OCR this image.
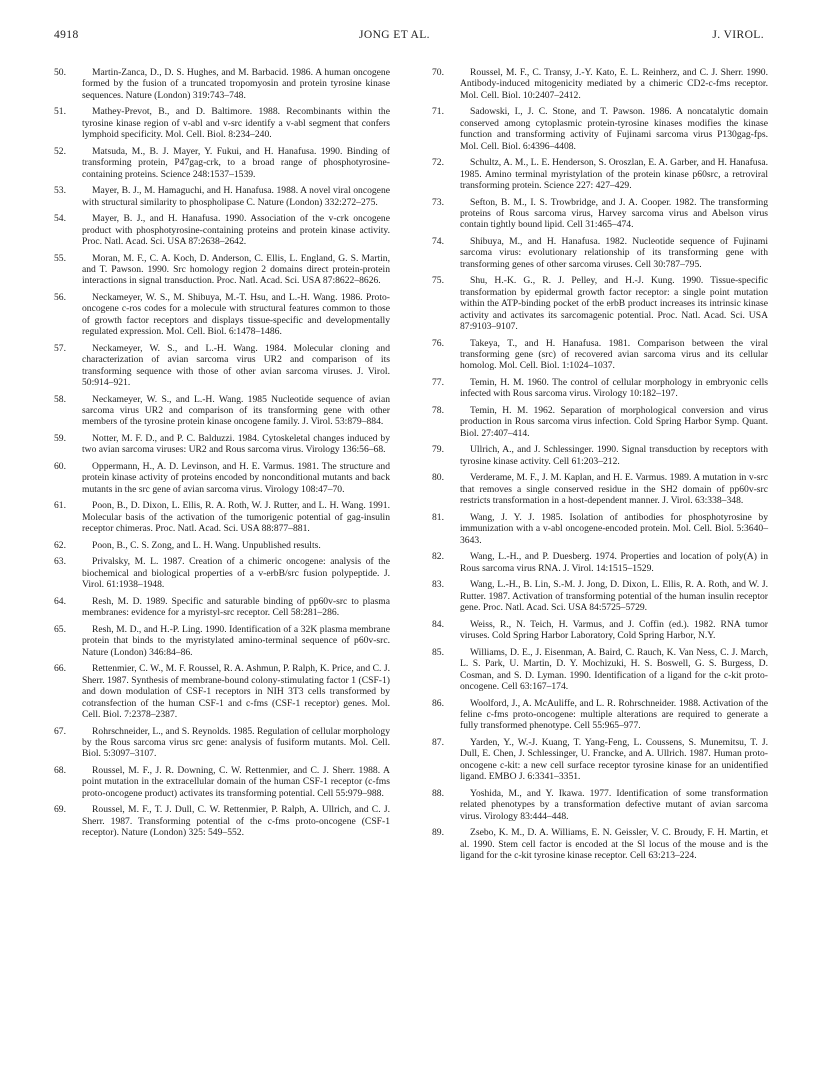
4918	JONG ET AL.	J. VIROL.
50.	Martin-Zanca, D., D. S. Hughes, and M. Barbacid. 1986. A human oncogene formed by the fusion of a truncated tropomyosin and protein tyrosine kinase sequences. Nature (London) 319:743–748.
51.	Mathey-Prevot, B., and D. Baltimore. 1988. Recombinants within the tyrosine kinase region of v-abl and v-src identify a v-abl segment that confers lymphoid specificity. Mol. Cell. Biol. 8:234–240.
52.	Matsuda, M., B. J. Mayer, Y. Fukui, and H. Hanafusa. 1990. Binding of transforming protein, P47gag-crk, to a broad range of phosphotyrosine-containing proteins. Science 248:1537–1539.
53.	Mayer, B. J., M. Hamaguchi, and H. Hanafusa. 1988. A novel viral oncogene with structural similarity to phospholipase C. Nature (London) 332:272–275.
54.	Mayer, B. J., and H. Hanafusa. 1990. Association of the v-crk oncogene product with phosphotyrosine-containing proteins and protein kinase activity. Proc. Natl. Acad. Sci. USA 87:2638–2642.
55.	Moran, M. F., C. A. Koch, D. Anderson, C. Ellis, L. England, G. S. Martin, and T. Pawson. 1990. Src homology region 2 domains direct protein-protein interactions in signal transduction. Proc. Natl. Acad. Sci. USA 87:8622–8626.
56.	Neckameyer, W. S., M. Shibuya, M.-T. Hsu, and L.-H. Wang. 1986. Proto-oncogene c-ros codes for a molecule with structural features common to those of growth factor receptors and displays tissue-specific and developmentally regulated expression. Mol. Cell. Biol. 6:1478–1486.
57.	Neckameyer, W. S., and L.-H. Wang. 1984. Molecular cloning and characterization of avian sarcoma virus UR2 and comparison of its transforming sequence with those of other avian sarcoma viruses. J. Virol. 50:914–921.
58.	Neckameyer, W. S., and L.-H. Wang. 1985 Nucleotide sequence of avian sarcoma virus UR2 and comparison of its transforming gene with other members of the tyrosine protein kinase oncogene family. J. Virol. 53:879–884.
59.	Notter, M. F. D., and P. C. Balduzzi. 1984. Cytoskeletal changes induced by two avian sarcoma viruses: UR2 and Rous sarcoma virus. Virology 136:56–68.
60.	Oppermann, H., A. D. Levinson, and H. E. Varmus. 1981. The structure and protein kinase activity of proteins encoded by nonconditional mutants and back mutants in the src gene of avian sarcoma virus. Virology 108:47–70.
61.	Poon, B., D. Dixon, L. Ellis, R. A. Roth, W. J. Rutter, and L. H. Wang. 1991. Molecular basis of the activation of the tumorigenic potential of gag-insulin receptor chimeras. Proc. Natl. Acad. Sci. USA 88:877–881.
62.	Poon, B., C. S. Zong, and L. H. Wang. Unpublished results.
63.	Privalsky, M. L. 1987. Creation of a chimeric oncogene: analysis of the biochemical and biological properties of a v-erbB/src fusion polypeptide. J. Virol. 61:1938–1948.
64.	Resh, M. D. 1989. Specific and saturable binding of pp60v-src to plasma membranes: evidence for a myristyl-src receptor. Cell 58:281–286.
65.	Resh, M. D., and H.-P. Ling. 1990. Identification of a 32K plasma membrane protein that binds to the myristylated amino-terminal sequence of p60v-src. Nature (London) 346:84–86.
66.	Rettenmier, C. W., M. F. Roussel, R. A. Ashmun, P. Ralph, K. Price, and C. J. Sherr. 1987. Synthesis of membrane-bound colony-stimulating factor 1 (CSF-1) and down modulation of CSF-1 receptors in NIH 3T3 cells transformed by cotransfection of the human CSF-1 and c-fms (CSF-1 receptor) genes. Mol. Cell. Biol. 7:2378–2387.
67.	Rohrschneider, L., and S. Reynolds. 1985. Regulation of cellular morphology by the Rous sarcoma virus src gene: analysis of fusiform mutants. Mol. Cell. Biol. 5:3097–3107.
68.	Roussel, M. F., J. R. Downing, C. W. Rettenmier, and C. J. Sherr. 1988. A point mutation in the extracellular domain of the human CSF-1 receptor (c-fms proto-oncogene product) activates its transforming potential. Cell 55:979–988.
69.	Roussel, M. F., T. J. Dull, C. W. Rettenmier, P. Ralph, A. Ullrich, and C. J. Sherr. 1987. Transforming potential of the c-fms proto-oncogene (CSF-1 receptor). Nature (London) 325: 549–552.
70.	Roussel, M. F., C. Transy, J.-Y. Kato, E. L. Reinherz, and C. J. Sherr. 1990. Antibody-induced mitogenicity mediated by a chimeric CD2-c-fms receptor. Mol. Cell. Biol. 10:2407–2412.
71.	Sadowski, I., J. C. Stone, and T. Pawson. 1986. A noncatalytic domain conserved among cytoplasmic protein-tyrosine kinases modifies the kinase function and transforming activity of Fujinami sarcoma virus P130gag-fps. Mol. Cell. Biol. 6:4396–4408.
72.	Schultz, A. M., L. E. Henderson, S. Oroszlan, E. A. Garber, and H. Hanafusa. 1985. Amino terminal myristylation of the protein kinase p60src, a retroviral transforming protein. Science 227: 427–429.
73.	Sefton, B. M., I. S. Trowbridge, and J. A. Cooper. 1982. The transforming proteins of Rous sarcoma virus, Harvey sarcoma virus and Abelson virus contain tightly bound lipid. Cell 31:465–474.
74.	Shibuya, M., and H. Hanafusa. 1982. Nucleotide sequence of Fujinami sarcoma virus: evolutionary relationship of its transforming gene with transforming genes of other sarcoma viruses. Cell 30:787–795.
75.	Shu, H.-K. G., R. J. Pelley, and H.-J. Kung. 1990. Tissue-specific transformation by epidermal growth factor receptor: a single point mutation within the ATP-binding pocket of the erbB product increases its intrinsic kinase activity and activates its sarcomagenic potential. Proc. Natl. Acad. Sci. USA 87:9103–9107.
76.	Takeya, T., and H. Hanafusa. 1981. Comparison between the viral transforming gene (src) of recovered avian sarcoma virus and its cellular homolog. Mol. Cell. Biol. 1:1024–1037.
77.	Temin, H. M. 1960. The control of cellular morphology in embryonic cells infected with Rous sarcoma virus. Virology 10:182–197.
78.	Temin, H. M. 1962. Separation of morphological conversion and virus production in Rous sarcoma virus infection. Cold Spring Harbor Symp. Quant. Biol. 27:407–414.
79.	Ullrich, A., and J. Schlessinger. 1990. Signal transduction by receptors with tyrosine kinase activity. Cell 61:203–212.
80.	Verderame, M. F., J. M. Kaplan, and H. E. Varmus. 1989. A mutation in v-src that removes a single conserved residue in the SH2 domain of pp60v-src restricts transformation in a host-dependent manner. J. Virol. 63:338–348.
81.	Wang, J. Y. J. 1985. Isolation of antibodies for phosphotyrosine by immunization with a v-abl oncogene-encoded protein. Mol. Cell. Biol. 5:3640–3643.
82.	Wang, L.-H., and P. Duesberg. 1974. Properties and location of poly(A) in Rous sarcoma virus RNA. J. Virol. 14:1515–1529.
83.	Wang, L.-H., B. Lin, S.-M. J. Jong, D. Dixon, L. Ellis, R. A. Roth, and W. J. Rutter. 1987. Activation of transforming potential of the human insulin receptor gene. Proc. Natl. Acad. Sci. USA 84:5725–5729.
84.	Weiss, R., N. Teich, H. Varmus, and J. Coffin (ed.). 1982. RNA tumor viruses. Cold Spring Harbor Laboratory, Cold Spring Harbor, N.Y.
85.	Williams, D. E., J. Eisenman, A. Baird, C. Rauch, K. Van Ness, C. J. March, L. S. Park, U. Martin, D. Y. Mochizuki, H. S. Boswell, G. S. Burgess, D. Cosman, and S. D. Lyman. 1990. Identification of a ligand for the c-kit proto-oncogene. Cell 63:167–174.
86.	Woolford, J., A. McAuliffe, and L. R. Rohrschneider. 1988. Activation of the feline c-fms proto-oncogene: multiple alterations are required to generate a fully transformed phenotype. Cell 55:965–977.
87.	Yarden, Y., W.-J. Kuang, T. Yang-Feng, L. Coussens, S. Munemitsu, T. J. Dull, E. Chen, J. Schlessinger, U. Francke, and A. Ullrich. 1987. Human proto-oncogene c-kit: a new cell surface receptor tyrosine kinase for an unidentified ligand. EMBO J. 6:3341–3351.
88.	Yoshida, M., and Y. Ikawa. 1977. Identification of some transformation related phenotypes by a transformation defective mutant of avian sarcoma virus. Virology 83:444–448.
89.	Zsebo, K. M., D. A. Williams, E. N. Geissler, V. C. Broudy, F. H. Martin, et al. 1990. Stem cell factor is encoded at the Sl locus of the mouse and is the ligand for the c-kit tyrosine kinase receptor. Cell 63:213–224.
